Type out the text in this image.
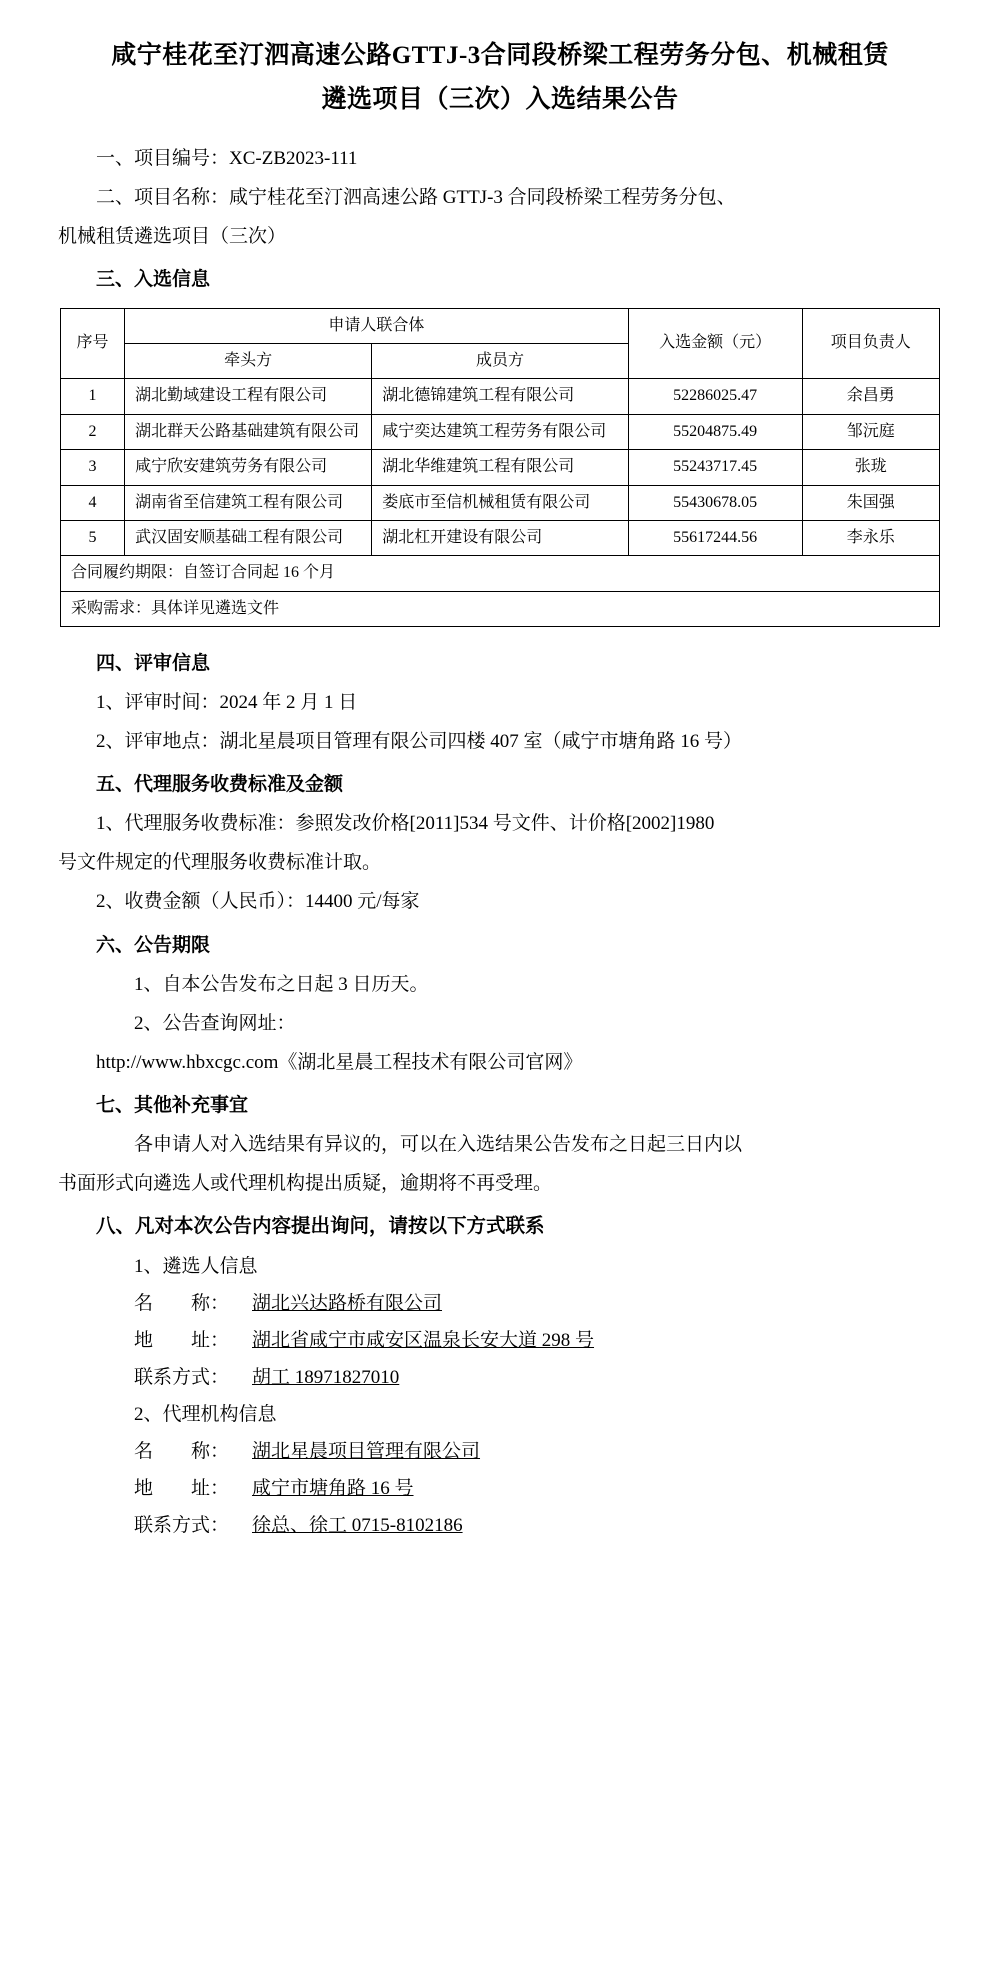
咸宁桂花至汀泗高速公路GTTJ-3合同段桥梁工程劳务分包、机械租赁
遴选项目（三次）入选结果公告

一、项目编号：XC-ZB2023-111

二、项目名称：咸宁桂花至汀泗高速公路 GTTJ-3 合同段桥梁工程劳务分包、

机械租赁遴选项目（三次）

三、入选信息
序号	申请人联合体		入选金额（元）	项目负责人
	牵头方	成员方		
1	湖北勤域建设工程有限公司	湖北德锦建筑工程有限公司	52286025.47	余昌勇
2	湖北群天公路基础建筑有限公司	咸宁奕达建筑工程劳务有限公司	55204875.49	邹沅庭
3	咸宁欣安建筑劳务有限公司	湖北华维建筑工程有限公司	55243717.45	张珑
4	湖南省至信建筑工程有限公司	娄底市至信机械租赁有限公司	55430678.05	朱国强
5	武汉固安顺基础工程有限公司	湖北杠开建设有限公司	55617244.56	李永乐
合同履约期限：自签订合同起 16 个月				
采购需求：具体详见遴选文件				
四、评审信息

1、评审时间：2024 年 2 月 1 日

2、评审地点：湖北星晨项目管理有限公司四楼 407 室（咸宁市塘角路 16 号）

五、代理服务收费标准及金额

1、代理服务收费标准：参照发改价格[2011]534 号文件、计价格[2002]1980

号文件规定的代理服务收费标准计取。

2、收费金额（人民币）：14400 元/每家

六、公告期限

1、自本公告发布之日起 3 日历天。

2、公告查询网址：

http://www.hbxcgc.com《湖北星晨工程技术有限公司官网》

七、其他补充事宜

各申请人对入选结果有异议的，可以在入选结果公告发布之日起三日内以

书面形式向遴选人或代理机构提出质疑，逾期将不再受理。

八、凡对本次公告内容提出询问，请按以下方式联系

1、遴选人信息

名        称：	湖北兴达路桥有限公司
地        址：	湖北省咸宁市咸安区温泉长安大道 298 号
联系方式：	胡工 18971827010

2、代理机构信息

名        称：	湖北星晨项目管理有限公司
地        址：	咸宁市塘角路 16 号
联系方式：	徐总、徐工 0715-8102186
